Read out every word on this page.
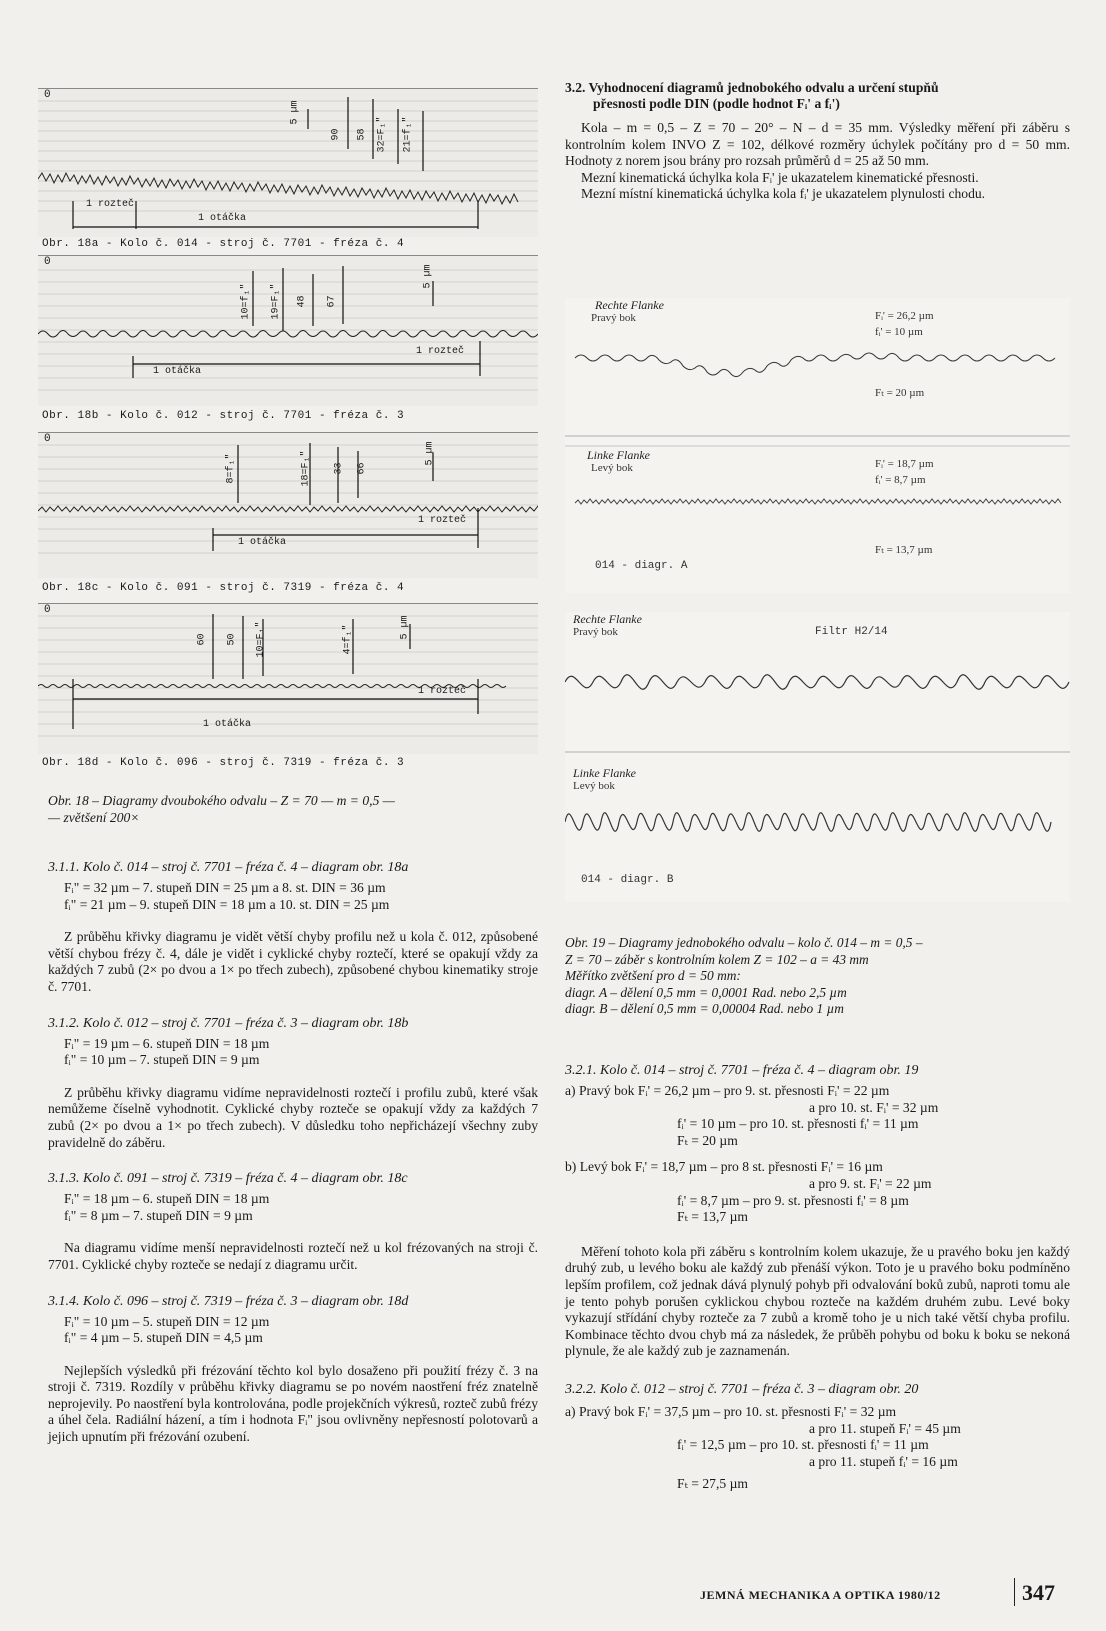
0
5 µm
90 58 32=F₁" 21=f₁"
1 rozteč
1 otáčka
Obr. 18a - Kolo č. 014 - stroj č. 7701 - fréza č. 4
0
5 µm
10=f₁" 19=F₁" 48 67
1 rozteč
1 otáčka
Obr. 18b - Kolo č. 012 - stroj č. 7701 - fréza č. 3
0
5 µm
8=f₁"	18=F₁" 33 66
1 rozteč
1 otáčka
Obr. 18c - Kolo č. 091 - stroj č. 7319 - fréza č. 4
0
5 µm
60 50 10=F₁"	4=f₁"
1 rozteč
1 otáčka
Obr. 18d - Kolo č. 096 - stroj č. 7319 - fréza č. 3
Obr. 18 – Diagramy dvoubokého odvalu – Z = 70 — m = 0,5 —
— zvětšení 200×
3.1.1. Kolo č. 014 – stroj č. 7701 – fréza č. 4 – diagram obr. 18a
Fᵢ" = 32 µm – 7. stupeň DIN = 25 µm a 8. st. DIN = 36 µm
fᵢ" = 21 µm – 9. stupeň DIN = 18 µm a 10. st. DIN = 25 µm

Z průběhu křivky diagramu je vidět větší chyby profilu než u kola č. 012, způsobené větší chybou frézy č. 4, dále je vidět i cyklické chyby roztečí, které se opakují vždy za každých 7 zubů (2× po dvou a 1× po třech zubech), způsobené chybou kinematiky stroje č. 7701.

3.1.2. Kolo č. 012 – stroj č. 7701 – fréza č. 3 – diagram obr. 18b
Fᵢ" = 19 µm – 6. stupeň DIN = 18 µm
fᵢ" = 10 µm – 7. stupeň DIN = 9 µm

Z průběhu křivky diagramu vidíme nepravidelnosti roztečí i profilu zubů, které však nemůžeme číselně vyhodnotit. Cyklické chyby rozteče se opakují vždy za každých 7 zubů (2× po dvou a 1× po třech zubech). V důsledku toho nepřicházejí všechny zuby pravidelně do záběru.

3.1.3. Kolo č. 091 – stroj č. 7319 – fréza č. 4 – diagram obr. 18c
Fᵢ" = 18 µm – 6. stupeň DIN = 18 µm
fᵢ" = 8 µm – 7. stupeň DIN = 9 µm

Na diagramu vidíme menší nepravidelnosti roztečí než u kol frézovaných na stroji č. 7701. Cyklické chyby rozteče se nedají z diagramu určit.

3.1.4. Kolo č. 096 – stroj č. 7319 – fréza č. 3 – diagram obr. 18d
Fᵢ" = 10 µm – 5. stupeň DIN = 12 µm
fᵢ" = 4 µm – 5. stupeň DIN = 4,5 µm

Nejlepších výsledků při frézování těchto kol bylo dosaženo při použití frézy č. 3 na stroji č. 7319. Rozdíly v průběhu křivky diagramu se po novém naostření fréz znatelně neprojevily. Po naostření byla kontrolována, podle projekčních výkresů, rozteč zubů frézy a úhel čela. Radiální házení, a tím i hodnota Fᵢ" jsou ovlivněny nepřesností polotovarů a jejich upnutím při frézování ozubení.

3.2. Vyhodnocení diagramů jednobokého odvalu a určení stupňů
přesnosti podle DIN (podle hodnot Fᵢ' a fᵢ')

Kola – m = 0,5 – Z = 70 – 20° – N – d = 35 mm. Výsledky měření při záběru s kontrolním kolem INVO Z = 102, délkové rozměry úchylek počítány pro d = 50 mm. Hodnoty z norem jsou brány pro rozsah průměrů d = 25 až 50 mm.

Mezní kinematická úchylka kola Fᵢ' je ukazatelem kinematické přesnosti.

Mezní místní kinematická úchylka kola fᵢ' je ukazatelem plynulosti chodu.

Rechte Flanke
Pravý bok	Fᵢ' = 26,2 µm
fᵢ' = 10 µm
Fₜ = 20 µm
Linke Flanke
Levý bok	Fᵢ' = 18,7 µm
fᵢ' = 8,7 µm
Fₜ = 13,7 µm
014 - diagr. A
Rechte Flanke
Pravý bok	Filtr H2/14
Linke Flanke
Levý bok
014 - diagr. B
Obr. 19 – Diagramy jednobokého odvalu – kolo č. 014 – m = 0,5 –
Z = 70 – záběr s kontrolním kolem Z = 102 – a = 43 mm
Měřítko zvětšení pro d = 50 mm:
diagr. A – dělení 0,5 mm = 0,0001 Rad. nebo 2,5 µm
diagr. B – dělení 0,5 mm = 0,00004 Rad. nebo 1 µm
3.2.1. Kolo č. 014 – stroj č. 7701 – fréza č. 4 – diagram obr. 19
a) Pravý bok Fᵢ' = 26,2 µm – pro 9. st. přesnosti Fᵢ' = 22 µm
a pro 10. st. Fᵢ' = 32 µm
fᵢ' = 10 µm – pro 10. st. přesnosti fᵢ' = 11 µm
Fₜ = 20 µm
b) Levý bok Fᵢ' = 18,7 µm – pro 8 st. přesnosti Fᵢ' = 16 µm
a pro 9. st. Fᵢ' = 22 µm
fᵢ' = 8,7 µm – pro 9. st. přesnosti fᵢ' = 8 µm
Fₜ = 13,7 µm

Měření tohoto kola při záběru s kontrolním kolem ukazuje, že u pravého boku jen každý druhý zub, u levého boku ale každý zub přenáší výkon. Toto je u pravého boku podmíněno lepším profilem, což jednak dává plynulý pohyb při odvalování boků zubů, naproti tomu ale je tento pohyb porušen cyklickou chybou rozteče na každém druhém zubu. Levé boky vykazují střídání chyby rozteče za 7 zubů a kromě toho je u nich také větší chyba profilu. Kombinace těchto dvou chyb má za následek, že průběh pohybu od boku k boku se nekoná plynule, že ale každý zub je zaznamenán.

3.2.2. Kolo č. 012 – stroj č. 7701 – fréza č. 3 – diagram obr. 20
a) Pravý bok Fᵢ' = 37,5 µm – pro 10. st. přesnosti Fᵢ' = 32 µm
a pro 11. stupeň Fᵢ' = 45 µm
fᵢ' = 12,5 µm – pro 10. st. přesnosti fᵢ' = 11 µm
a pro 11. stupeň fᵢ' = 16 µm
Fₜ = 27,5 µm
JEMNÁ MECHANIKA A OPTIKA 1980/12	347
